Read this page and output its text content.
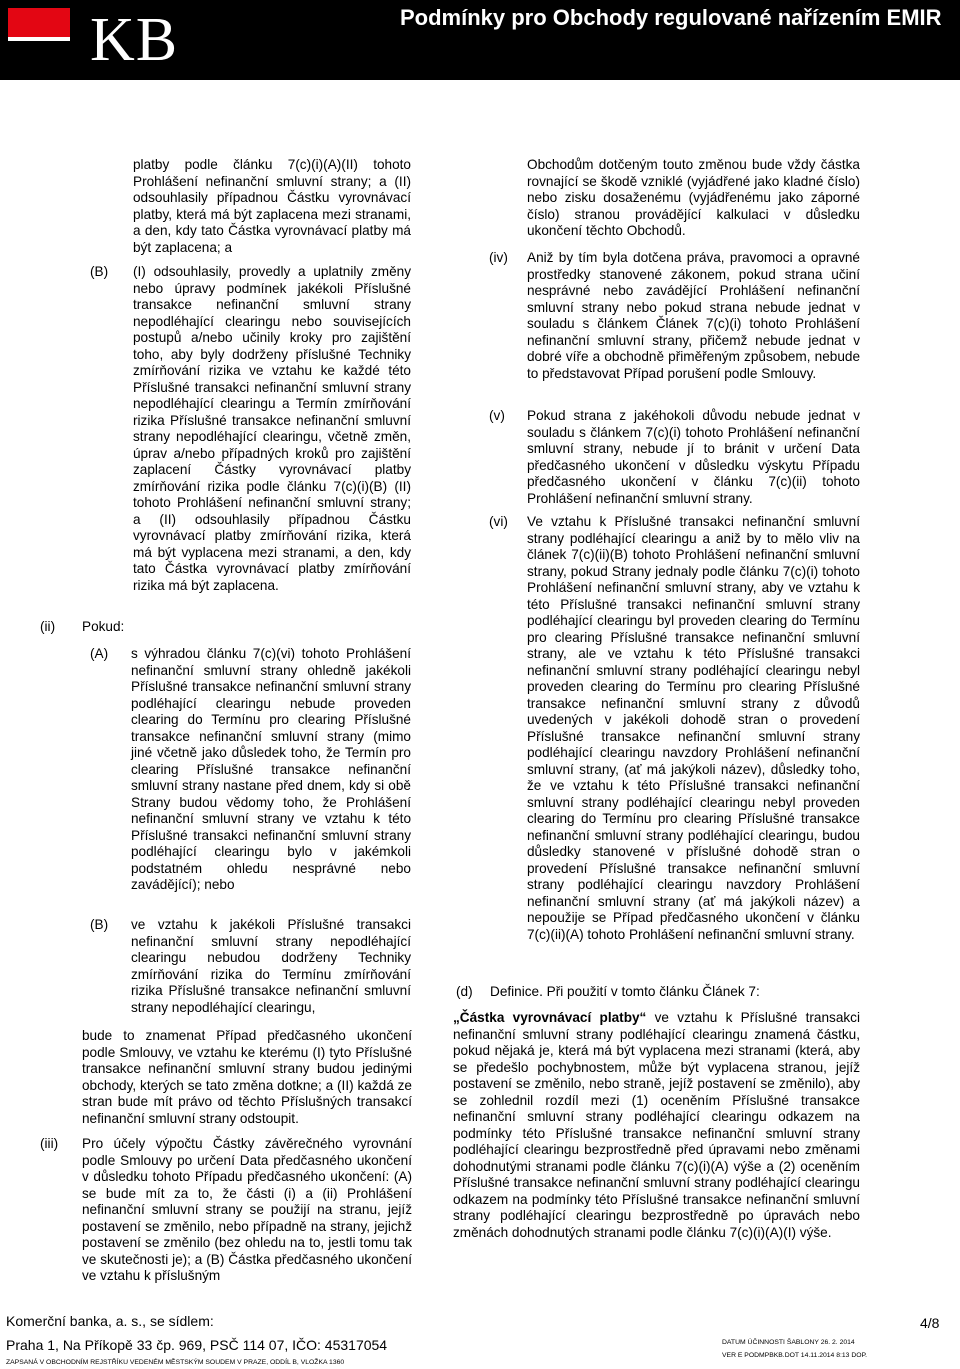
KB	Podmínky pro Obchody regulované nařízením EMIR
platby podle článku 7(c)(i)(A)(II) tohoto Prohlášení nefinanční smluvní strany; a (II) odsouhlasily případnou Částku vyrovnávací platby, která má být zaplacena mezi stranami, a den, kdy tato Částka vyrovnávací platby má být zaplacena; a
(B) (I) odsouhlasily, provedly a uplatnily změny nebo úpravy podmínek jakékoli Příslušné transakce nefinanční smluvní strany nepodléhající clearingu nebo souvisejících postupů a/nebo učinily kroky pro zajištění toho, aby byly dodrženy příslušné Techniky zmírňování rizika ve vztahu ke každé této Příslušné transakci nefinanční smluvní strany nepodléhající clearingu a Termín zmírňování rizika Příslušné transakce nefinanční smluvní strany nepodléhající clearingu, včetně změn, úprav a/nebo případných kroků pro zajištění zaplacení Částky vyrovnávací platby zmírňování rizika podle článku 7(c)(i)(B) (II) tohoto Prohlášení nefinanční smluvní strany; a (II) odsouhlasily případnou Částku vyrovnávací platby zmírňování rizika, která má být vyplacena mezi stranami, a den, kdy tato Částka vyrovnávací platby zmírňování rizika má být zaplacena.
(ii) Pokud:
(A) s výhradou článku 7(c)(vi) tohoto Prohlášení nefinanční smluvní strany ohledně jakékoli Příslušné transakce nefinanční smluvní strany podléhající clearingu nebude proveden clearing do Termínu pro clearing Příslušné transakce nefinanční smluvní strany (mimo jiné včetně jako důsledek toho, že Termín pro clearing Příslušné transakce nefinanční smluvní strany nastane před dnem, kdy si obě Strany budou vědomy toho, že Prohlášení nefinanční smluvní strany ve vztahu k této Příslušné transakci nefinanční smluvní strany podléhající clearingu bylo v jakémkoli podstatném ohledu nesprávné nebo zavádějící); nebo
(B) ve vztahu k jakékoli Příslušné transakci nefinanční smluvní strany nepodléhající clearingu nebudou dodrženy Techniky zmírňování rizika do Termínu zmírňování rizika Příslušné transakce nefinanční smluvní strany nepodléhající clearingu,
bude to znamenat Případ předčasného ukončení podle Smlouvy, ve vztahu ke kterému (I) tyto Příslušné transakce nefinanční smluvní strany budou jedinými obchody, kterých se tato změna dotkne; a (II) každá ze stran bude mít právo od těchto Příslušných transakcí nefinanční smluvní strany odstoupit.
(iii) Pro účely výpočtu Částky závěrečného vyrovnání podle Smlouvy po určení Data předčasného ukončení v důsledku tohoto Případu předčasného ukončení: (A) se bude mít za to, že části (i) a (ii) Prohlášení nefinanční smluvní strany se použijí na stranu, jejíž postavení se změnilo, nebo případně na strany, jejichž postavení se změnilo (bez ohledu na to, jestli tomu tak ve skutečnosti je); a (B) Částka předčasného ukončení ve vztahu k příslušným
Obchodům dotčeným touto změnou bude vždy částka rovnající se škodě vzniklé (vyjádřené jako kladné číslo) nebo zisku dosaženému (vyjádřenému jako záporné číslo) stranou provádějící kalkulaci v důsledku ukončení těchto Obchodů.
(iv) Aniž by tím byla dotčena práva, pravomoci a opravné prostředky stanovené zákonem, pokud strana učiní nesprávné nebo zavádějící Prohlášení nefinanční smluvní strany nebo pokud strana nebude jednat v souladu s článkem Článek 7(c)(i) tohoto Prohlášení nefinanční smluvní strany, přičemž nebude jednat v dobré víře a obchodně přiměřeným způsobem, nebude to představovat Případ porušení podle Smlouvy.
(v) Pokud strana z jakéhokoli důvodu nebude jednat v souladu s článkem 7(c)(i) tohoto Prohlášení nefinanční smluvní strany, nebude jí to bránit v určení Data předčasného ukončení v důsledku výskytu Případu předčasného ukončení v článku 7(c)(ii) tohoto Prohlášení nefinanční smluvní strany.
(vi) Ve vztahu k Příslušné transakci nefinanční smluvní strany podléhající clearingu a aniž by to mělo vliv na článek 7(c)(ii)(B) tohoto Prohlášení nefinanční smluvní strany, pokud Strany jednaly podle článku 7(c)(i) tohoto Prohlášení nefinanční smluvní strany, aby ve vztahu k této Příslušné transakci nefinanční smluvní strany podléhající clearingu byl proveden clearing do Termínu pro clearing Příslušné transakce nefinanční smluvní strany, ale ve vztahu k této Příslušné transakci nefinanční smluvní strany podléhající clearingu nebyl proveden clearing do Termínu pro clearing Příslušné transakce nefinanční smluvní strany z důvodů uvedených v jakékoli dohodě stran o provedení Příslušné transakce nefinanční smluvní strany podléhající clearingu navzdory Prohlášení nefinanční smluvní strany, (ať má jakýkoli název), důsledky toho, že ve vztahu k této Příslušné transakci nefinanční smluvní strany podléhající clearingu nebyl proveden clearing do Termínu pro clearing Příslušné transakce nefinanční smluvní strany podléhající clearingu, budou důsledky stanovené v příslušné dohodě stran o provedení Příslušné transakce nefinanční smluvní strany podléhající clearingu navzdory Prohlášení nefinanční smluvní strany (ať má jakýkoli název) a nepoužije se Případ předčasného ukončení v článku 7(c)(ii)(A) tohoto Prohlášení nefinanční smluvní strany.
(d) Definice. Při použití v tomto článku Článek 7:
„Částka vyrovnávací platby“ ve vztahu k Příslušné transakci nefinanční smluvní strany podléhající clearingu znamená částku, pokud nějaká je, která má být vyplacena mezi stranami (která, aby se předešlo pochybnostem, může být vyplacena stranou, jejíž postavení se změnilo, nebo straně, jejíž postavení se změnilo), aby se zohlednil rozdíl mezi (1) oceněním Příslušné transakce nefinanční smluvní strany podléhající clearingu odkazem na podmínky této Příslušné transakce nefinanční smluvní strany podléhající clearingu bezprostředně před úpravami nebo změnami dohodnutými stranami podle článku 7(c)(i)(A) výše a (2) oceněním Příslušné transakce nefinanční smluvní strany podléhající clearingu odkazem na podmínky této Příslušné transakce nefinanční smluvní strany podléhající clearingu bezprostředně po úpravách nebo změnách dohodnutých stranami podle článku 7(c)(i)(A)(I) výše.
Komerční banka, a. s., se sídlem:
Praha 1, Na Příkopě 33 čp. 969, PSČ 114 07, IČO: 45317054
ZAPSANÁ V OBCHODNÍM REJSTŘÍKU VEDENÉM MĚSTSKÝM SOUDEM V PRAZE, ODDÍL B, VLOŽKA 1360
4/8
DATUM ÚČINNOSTI ŠABLONY 26. 2. 2014
VER E PODMPBKB.DOT 14.11.2014 8:13 DOP.
